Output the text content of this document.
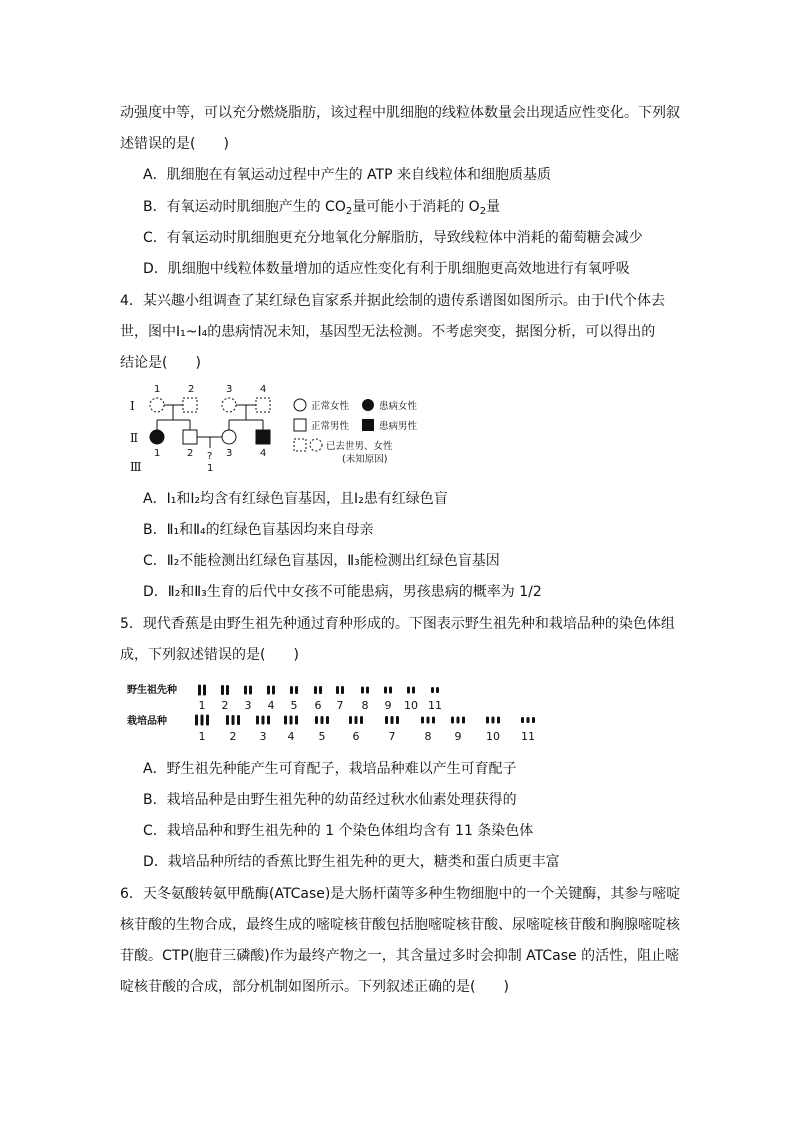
动强度中等，可以充分燃烧脂肪，该过程中肌细胞的线粒体数量会出现适应性变化。下列叙
述错误的是(　　)
A．肌细胞在有氧运动过程中产生的 ATP 来自线粒体和细胞质基质
B．有氧运动时肌细胞产生的 $CO_2$量可能小于消耗的 $O_2$量
C．有氧运动时肌细胞更充分地氧化分解脂肪，导致线粒体中消耗的葡萄糖会减少
D．肌细胞中线粒体数量增加的适应性变化有利于肌细胞更高效地进行有氧呼吸
4．某兴趣小组调查了某红绿色盲家系并据此绘制的遗传系谱图如图所示。由于Ⅰ代个体去
世，图中Ⅰ₁~Ⅰ₄的患病情况未知，基因型无法检测。不考虑突变，据图分析，可以得出的
结论是(　　)
Ⅰ
Ⅱ
Ⅲ
1	2	3	4
1	2	3	4
?
1
正常女性	患病女性
正常男性	患病男性
已去世男、女性
(未知原因)
A．Ⅰ₁和Ⅰ₂均含有红绿色盲基因，且Ⅰ₂患有红绿色盲
B．Ⅱ₁和Ⅱ₄的红绿色盲基因均来自母亲
C．Ⅱ₂不能检测出红绿色盲基因，Ⅱ₃能检测出红绿色盲基因
D．Ⅱ₂和Ⅱ₃生育的后代中女孩不可能患病，男孩患病的概率为 1/2
5．现代香蕉是由野生祖先种通过育种形成的。下图表示野生祖先种和栽培品种的染色体组
成，下列叙述错误的是(　　)
野生祖先种
栽培品种
1 2 3 4 5 6 7 8 9 10 11
1 2 3 4 5 6	7	8 9 10 11
A．野生祖先种能产生可育配子，栽培品种难以产生可育配子
B．栽培品种是由野生祖先种的幼苗经过秋水仙素处理获得的
C．栽培品种和野生祖先种的 1 个染色体组均含有 11 条染色体
D．栽培品种所结的香蕉比野生祖先种的更大，糖类和蛋白质更丰富
6．天冬氨酸转氨甲酰酶(ATCase)是大肠杆菌等多种生物细胞中的一个关键酶，其参与嘧啶
核苷酸的生物合成，最终生成的嘧啶核苷酸包括胞嘧啶核苷酸、尿嘧啶核苷酸和胸腺嘧啶核
苷酸。CTP(胞苷三磷酸)作为最终产物之一，其含量过多时会抑制 ATCase 的活性，阻止嘧
啶核苷酸的合成，部分机制如图所示。下列叙述正确的是(　　)
